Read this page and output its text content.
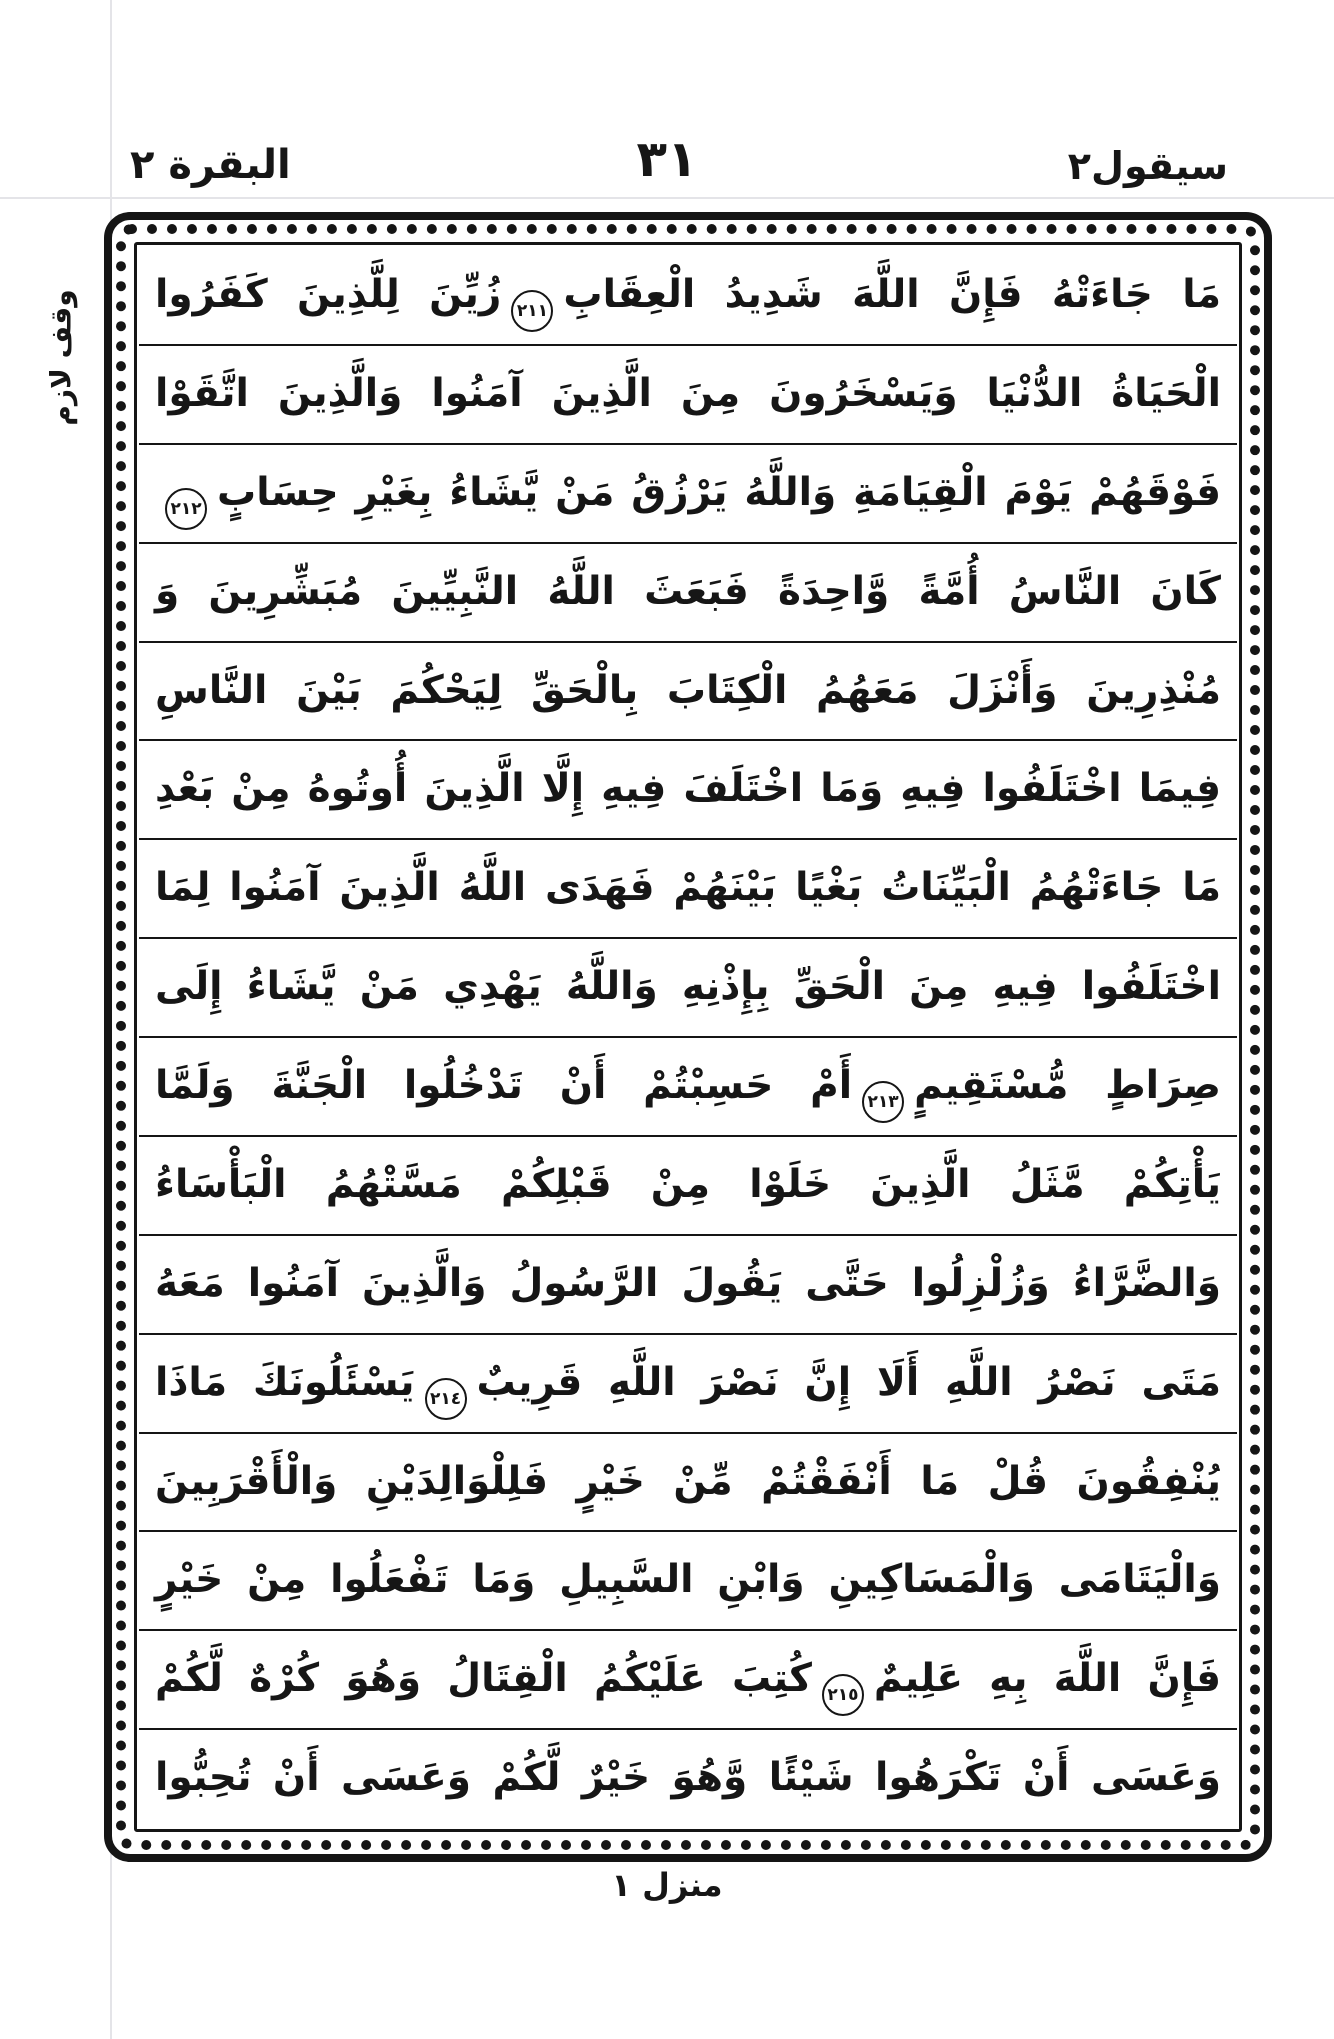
البقرة ٢	٣١	سيقول٢
وقف لازم	مَا جَاءَتْهُ فَإِنَّ اللَّهَ شَدِيدُ الْعِقَابِ٢١١زُيِّنَ لِلَّذِينَ كَفَرُوا
الْحَيَاةُ الدُّنْيَا وَيَسْخَرُونَ مِنَ الَّذِينَ آمَنُوا وَالَّذِينَ اتَّقَوْا
فَوْقَهُمْ يَوْمَ الْقِيَامَةِ وَاللَّهُ يَرْزُقُ مَنْ يَّشَاءُ بِغَيْرِ حِسَابٍ٢١٢
كَانَ النَّاسُ أُمَّةً وَّاحِدَةً فَبَعَثَ اللَّهُ النَّبِيِّينَ مُبَشِّرِينَ وَ
مُنْذِرِينَ وَأَنْزَلَ مَعَهُمُ الْكِتَابَ بِالْحَقِّ لِيَحْكُمَ بَيْنَ النَّاسِ
فِيمَا اخْتَلَفُوا فِيهِ وَمَا اخْتَلَفَ فِيهِ إِلَّا الَّذِينَ أُوتُوهُ مِنْ بَعْدِ
مَا جَاءَتْهُمُ الْبَيِّنَاتُ بَغْيًا بَيْنَهُمْ فَهَدَى اللَّهُ الَّذِينَ آمَنُوا لِمَا
اخْتَلَفُوا فِيهِ مِنَ الْحَقِّ بِإِذْنِهِ وَاللَّهُ يَهْدِي مَنْ يَّشَاءُ إِلَى
صِرَاطٍ مُّسْتَقِيمٍ٢١٣أَمْ حَسِبْتُمْ أَنْ تَدْخُلُوا الْجَنَّةَ وَلَمَّا
يَأْتِكُمْ مَّثَلُ الَّذِينَ خَلَوْا مِنْ قَبْلِكُمْ مَسَّتْهُمُ الْبَأْسَاءُ
وَالضَّرَّاءُ وَزُلْزِلُوا حَتَّى يَقُولَ الرَّسُولُ وَالَّذِينَ آمَنُوا مَعَهُ
مَتَى نَصْرُ اللَّهِ أَلَا إِنَّ نَصْرَ اللَّهِ قَرِيبٌ٢١٤يَسْئَلُونَكَ مَاذَا
يُنْفِقُونَ قُلْ مَا أَنْفَقْتُمْ مِّنْ خَيْرٍ فَلِلْوَالِدَيْنِ وَالْأَقْرَبِينَ
وَالْيَتَامَى وَالْمَسَاكِينِ وَابْنِ السَّبِيلِ وَمَا تَفْعَلُوا مِنْ خَيْرٍ
فَإِنَّ اللَّهَ بِهِ عَلِيمٌ٢١٥كُتِبَ عَلَيْكُمُ الْقِتَالُ وَهُوَ كُرْهٌ لَّكُمْ
وَعَسَى أَنْ تَكْرَهُوا شَيْئًا وَّهُوَ خَيْرٌ لَّكُمْ وَعَسَى أَنْ تُحِبُّوا
منزل ١
